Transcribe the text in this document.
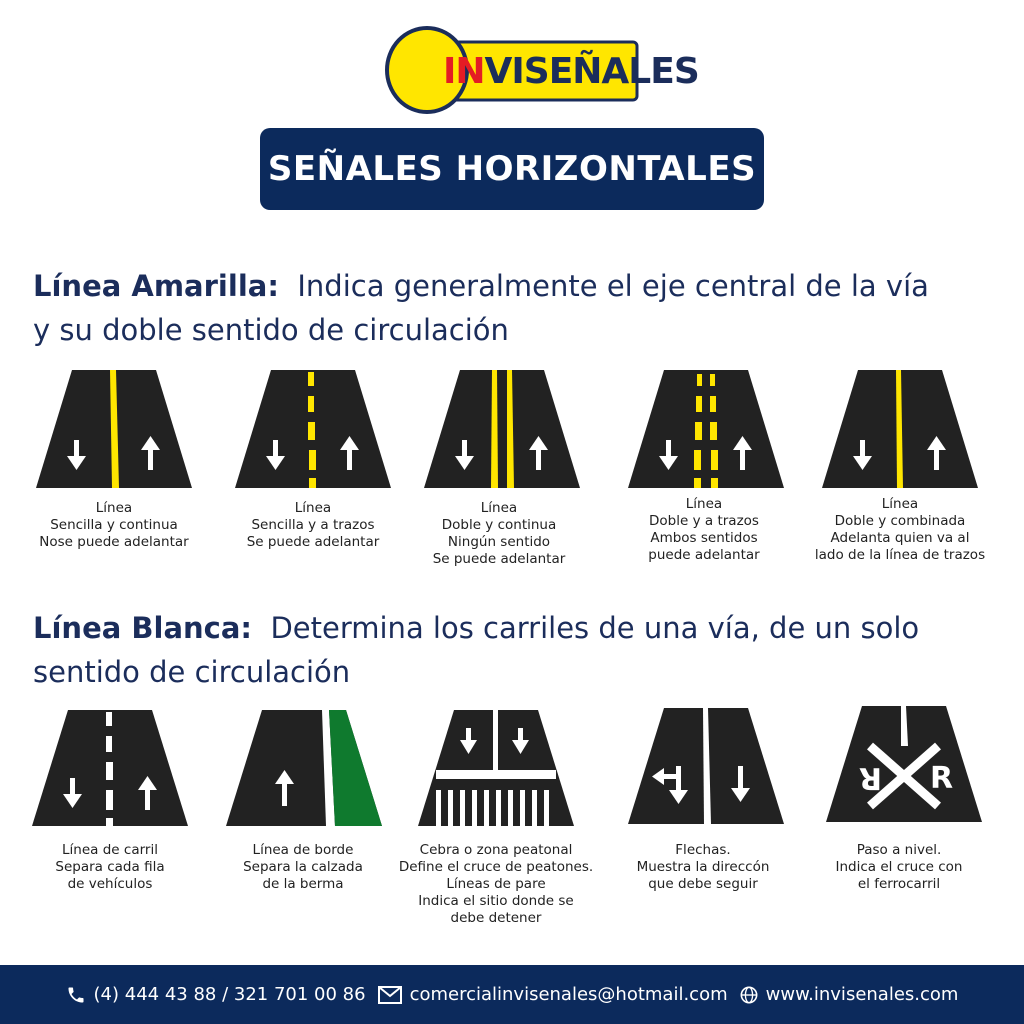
INVISEÑALES
SEÑALES HORIZONTALES
Línea Amarilla: Indica generalmente el eje central de la vía
y su doble sentido de circulación
Línea
Sencilla y continua
Nose puede adelantar
Línea
Sencilla y a trazos
Se puede adelantar
Línea
Doble y continua
Ningún sentido
Se puede adelantar
Línea
Doble y a trazos
Ambos sentidos
puede adelantar
Línea
Doble y combinada
Adelanta quien va al
lado de la línea de trazos
Línea Blanca: Determina los carriles de una vía, de un solo
sentido de circulación
R R
Línea de carril
Separa cada fila
de vehículos
Línea de borde
Separa la calzada
de la berma
Cebra o zona peatonal
Define el cruce de peatones.
Líneas de pare
Indica el sitio donde se
debe detener
Flechas.
Muestra la direccón
que debe seguir
Paso a nivel.
Indica el cruce con
el ferrocarril
(4) 444 43 88 / 321 701 00 86 comercialinvisenales@hotmail.com www.invisenales.com
